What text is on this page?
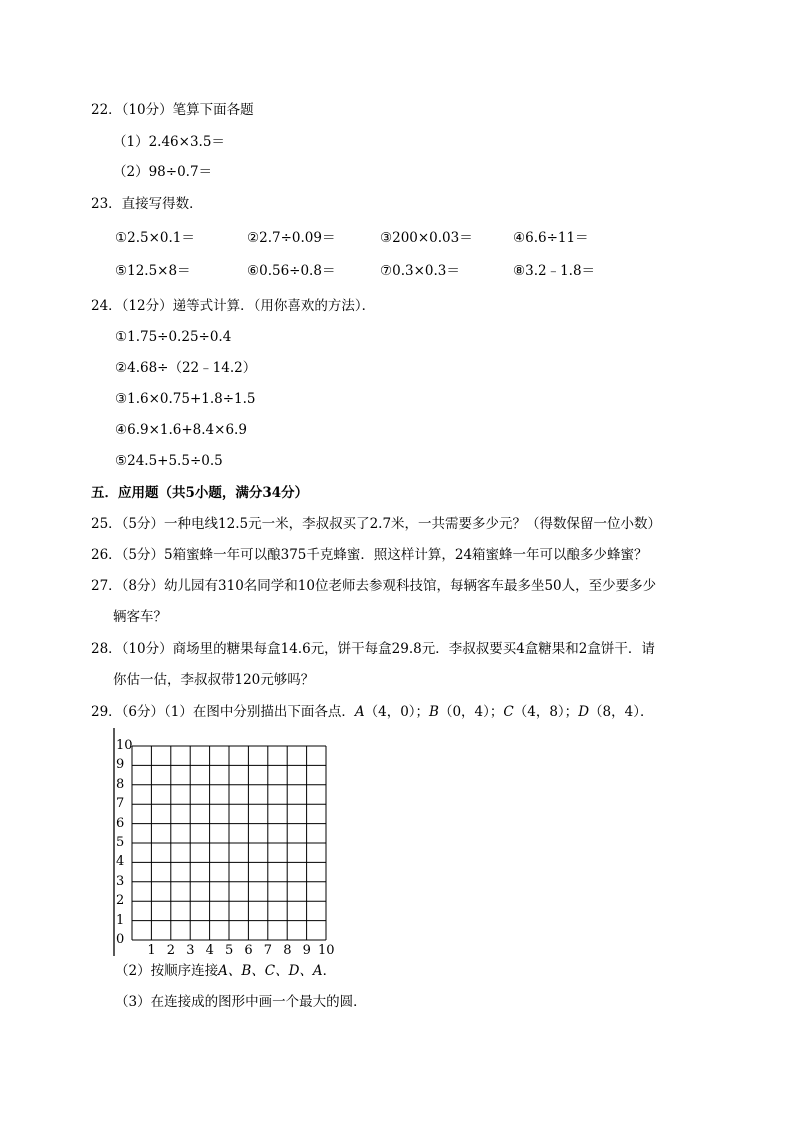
22．（10分）笔算下面各题
（1）2.46×3.5＝
（2）98÷0.7＝
23．直接写得数．
①2.5×0.1＝	②2.7÷0.09＝	③200×0.03＝	④6.6÷11＝
⑤12.5×8＝	⑥0.56÷0.8＝	⑦0.3×0.3＝	⑧3.2﹣1.8＝
24．（12分）递等式计算．（用你喜欢的方法）．
①1.75÷0.25÷0.4
②4.68÷（22﹣14.2）
③1.6×0.75+1.8÷1.5
④6.9×1.6+8.4×6.9
⑤24.5+5.5÷0.5
五．应用题（共5小题，满分34分）
25．（5分）一种电线12.5元一米，李叔叔买了2.7米，一共需要多少元？（得数保留一位小数）
26．（5分）5箱蜜蜂一年可以酿375千克蜂蜜．照这样计算，24箱蜜蜂一年可以酿多少蜂蜜？
27．（8分）幼儿园有310名同学和10位老师去参观科技馆，每辆客车最多坐50人，至少要多少
辆客车？
28．（10分）商场里的糖果每盒14.6元，饼干每盒29.8元．李叔叔要买4盒糖果和2盒饼干．请
你估一估，李叔叔带120元够吗？
29．（6分）（1）在图中分别描出下面各点．A（4，0）；B（0，4）；C（4，8）；D（8，4）．
10
9
8
7
6
5
4
3
2
1
0
1 2 3 4 5 6 7 8 9 10
（2）按顺序连接A、B、C、D、A．
（3）在连接成的图形中画一个最大的圆．
